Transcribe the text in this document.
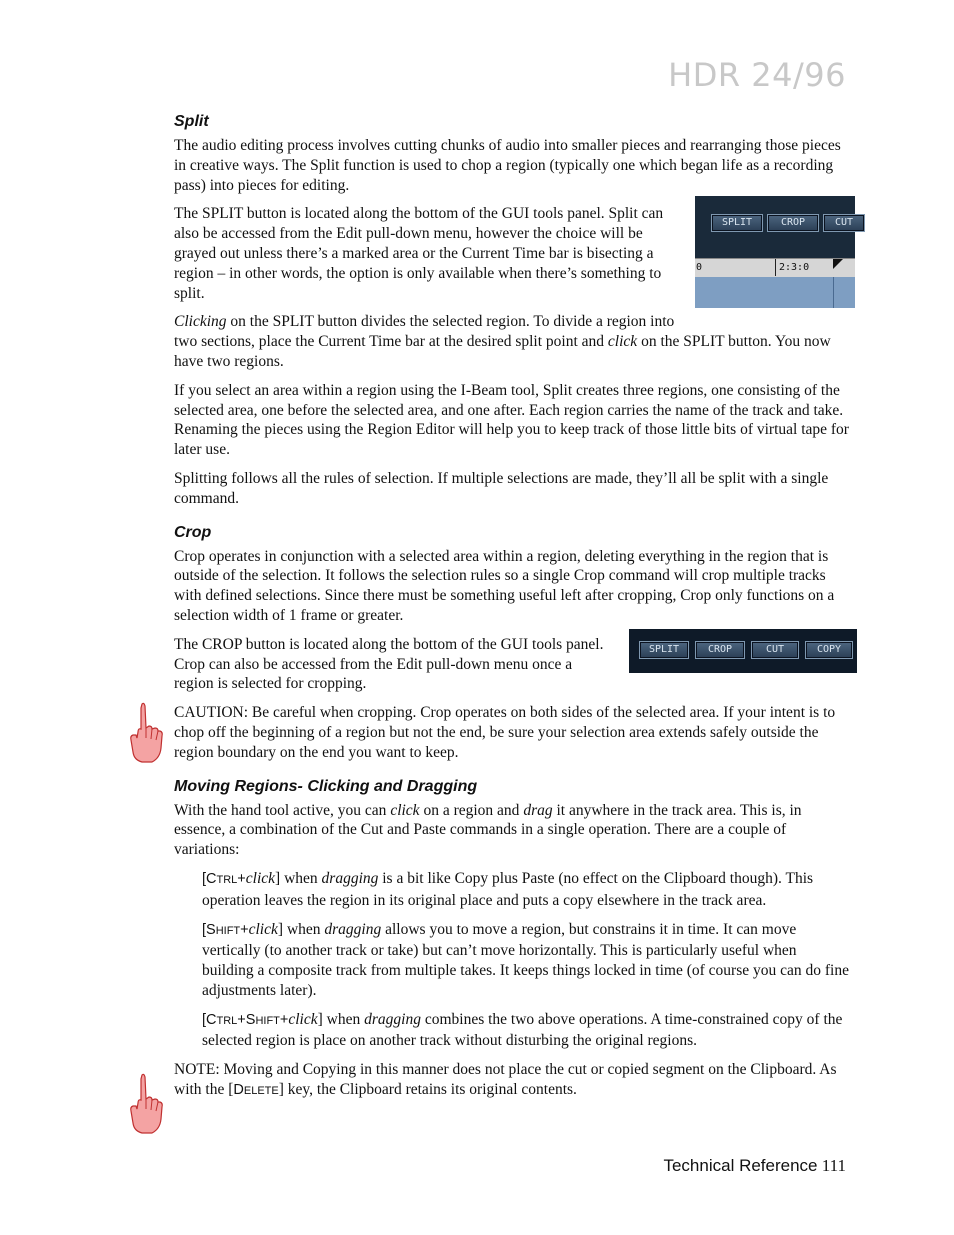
HDR 24/96
Split

The audio editing process involves cutting chunks of audio into smaller pieces and rearranging those pieces in creative ways. The Split function is used to chop a region (typically one which began life as a recording pass) into pieces for editing.

SPLIT	CROP	CUT
0	2:3:0

The SPLIT button is located along the bottom of the GUI tools panel. Split can also be accessed from the Edit pull-down menu, however the choice will be grayed out unless there’s a marked area or the Current Time bar is bisecting a region – in other words, the option is only available when there’s something to split.

Clicking on the SPLIT button divides the selected region. To divide a region into two sections, place the Current Time bar at the desired split point and click on the SPLIT button. You now have two regions.

If you select an area within a region using the I-Beam tool, Split creates three regions, one consisting of the selected area, one before the selected area, and one after. Each region carries the name of the track and take. Renaming the pieces using the Region Editor will help you to keep track of those little bits of virtual tape for later use.

Splitting follows all the rules of selection. If multiple selections are made, they’ll all be split with a single command.

Crop

Crop operates in conjunction with a selected area within a region, deleting everything in the region that is outside of the selection. It follows the selection rules so a single Crop command will crop multiple tracks with defined selections. Since there must be something useful left after cropping, Crop only functions on a selection width of 1 frame or greater.

SPLIT	CROP	CUT	COPY

The CROP button is located along the bottom of the GUI tools panel. Crop can also be accessed from the Edit pull-down menu once a region is selected for cropping.

CAUTION: Be careful when cropping. Crop operates on both sides of the selected area. If your intent is to chop off the beginning of a region but not the end, be sure your selection area extends safely outside the region boundary on the end you want to keep.

Moving Regions- Clicking and Dragging

With the hand tool active, you can click on a region and drag it anywhere in the track area. This is, in essence, a combination of the Cut and Paste commands in a single operation. There are a couple of variations:

[CTRL+click] when dragging is a bit like Copy plus Paste (no effect on the Clipboard though). This operation leaves the region in its original place and puts a copy elsewhere in the track area.

[SHIFT+click] when dragging allows you to move a region, but constrains it in time. It can move vertically (to another track or take) but can’t move horizontally. This is particularly useful when building a composite track from multiple takes. It keeps things locked in time (of course you can do fine adjustments later).

[CTRL+SHIFT+click] when dragging combines the two above operations. A time-constrained copy of the selected region is place on another track without disturbing the original regions.

NOTE: Moving and Copying in this manner does not place the cut or copied segment on the Clipboard. As with the [DELETE] key, the Clipboard retains its original contents.

Technical Reference 111
